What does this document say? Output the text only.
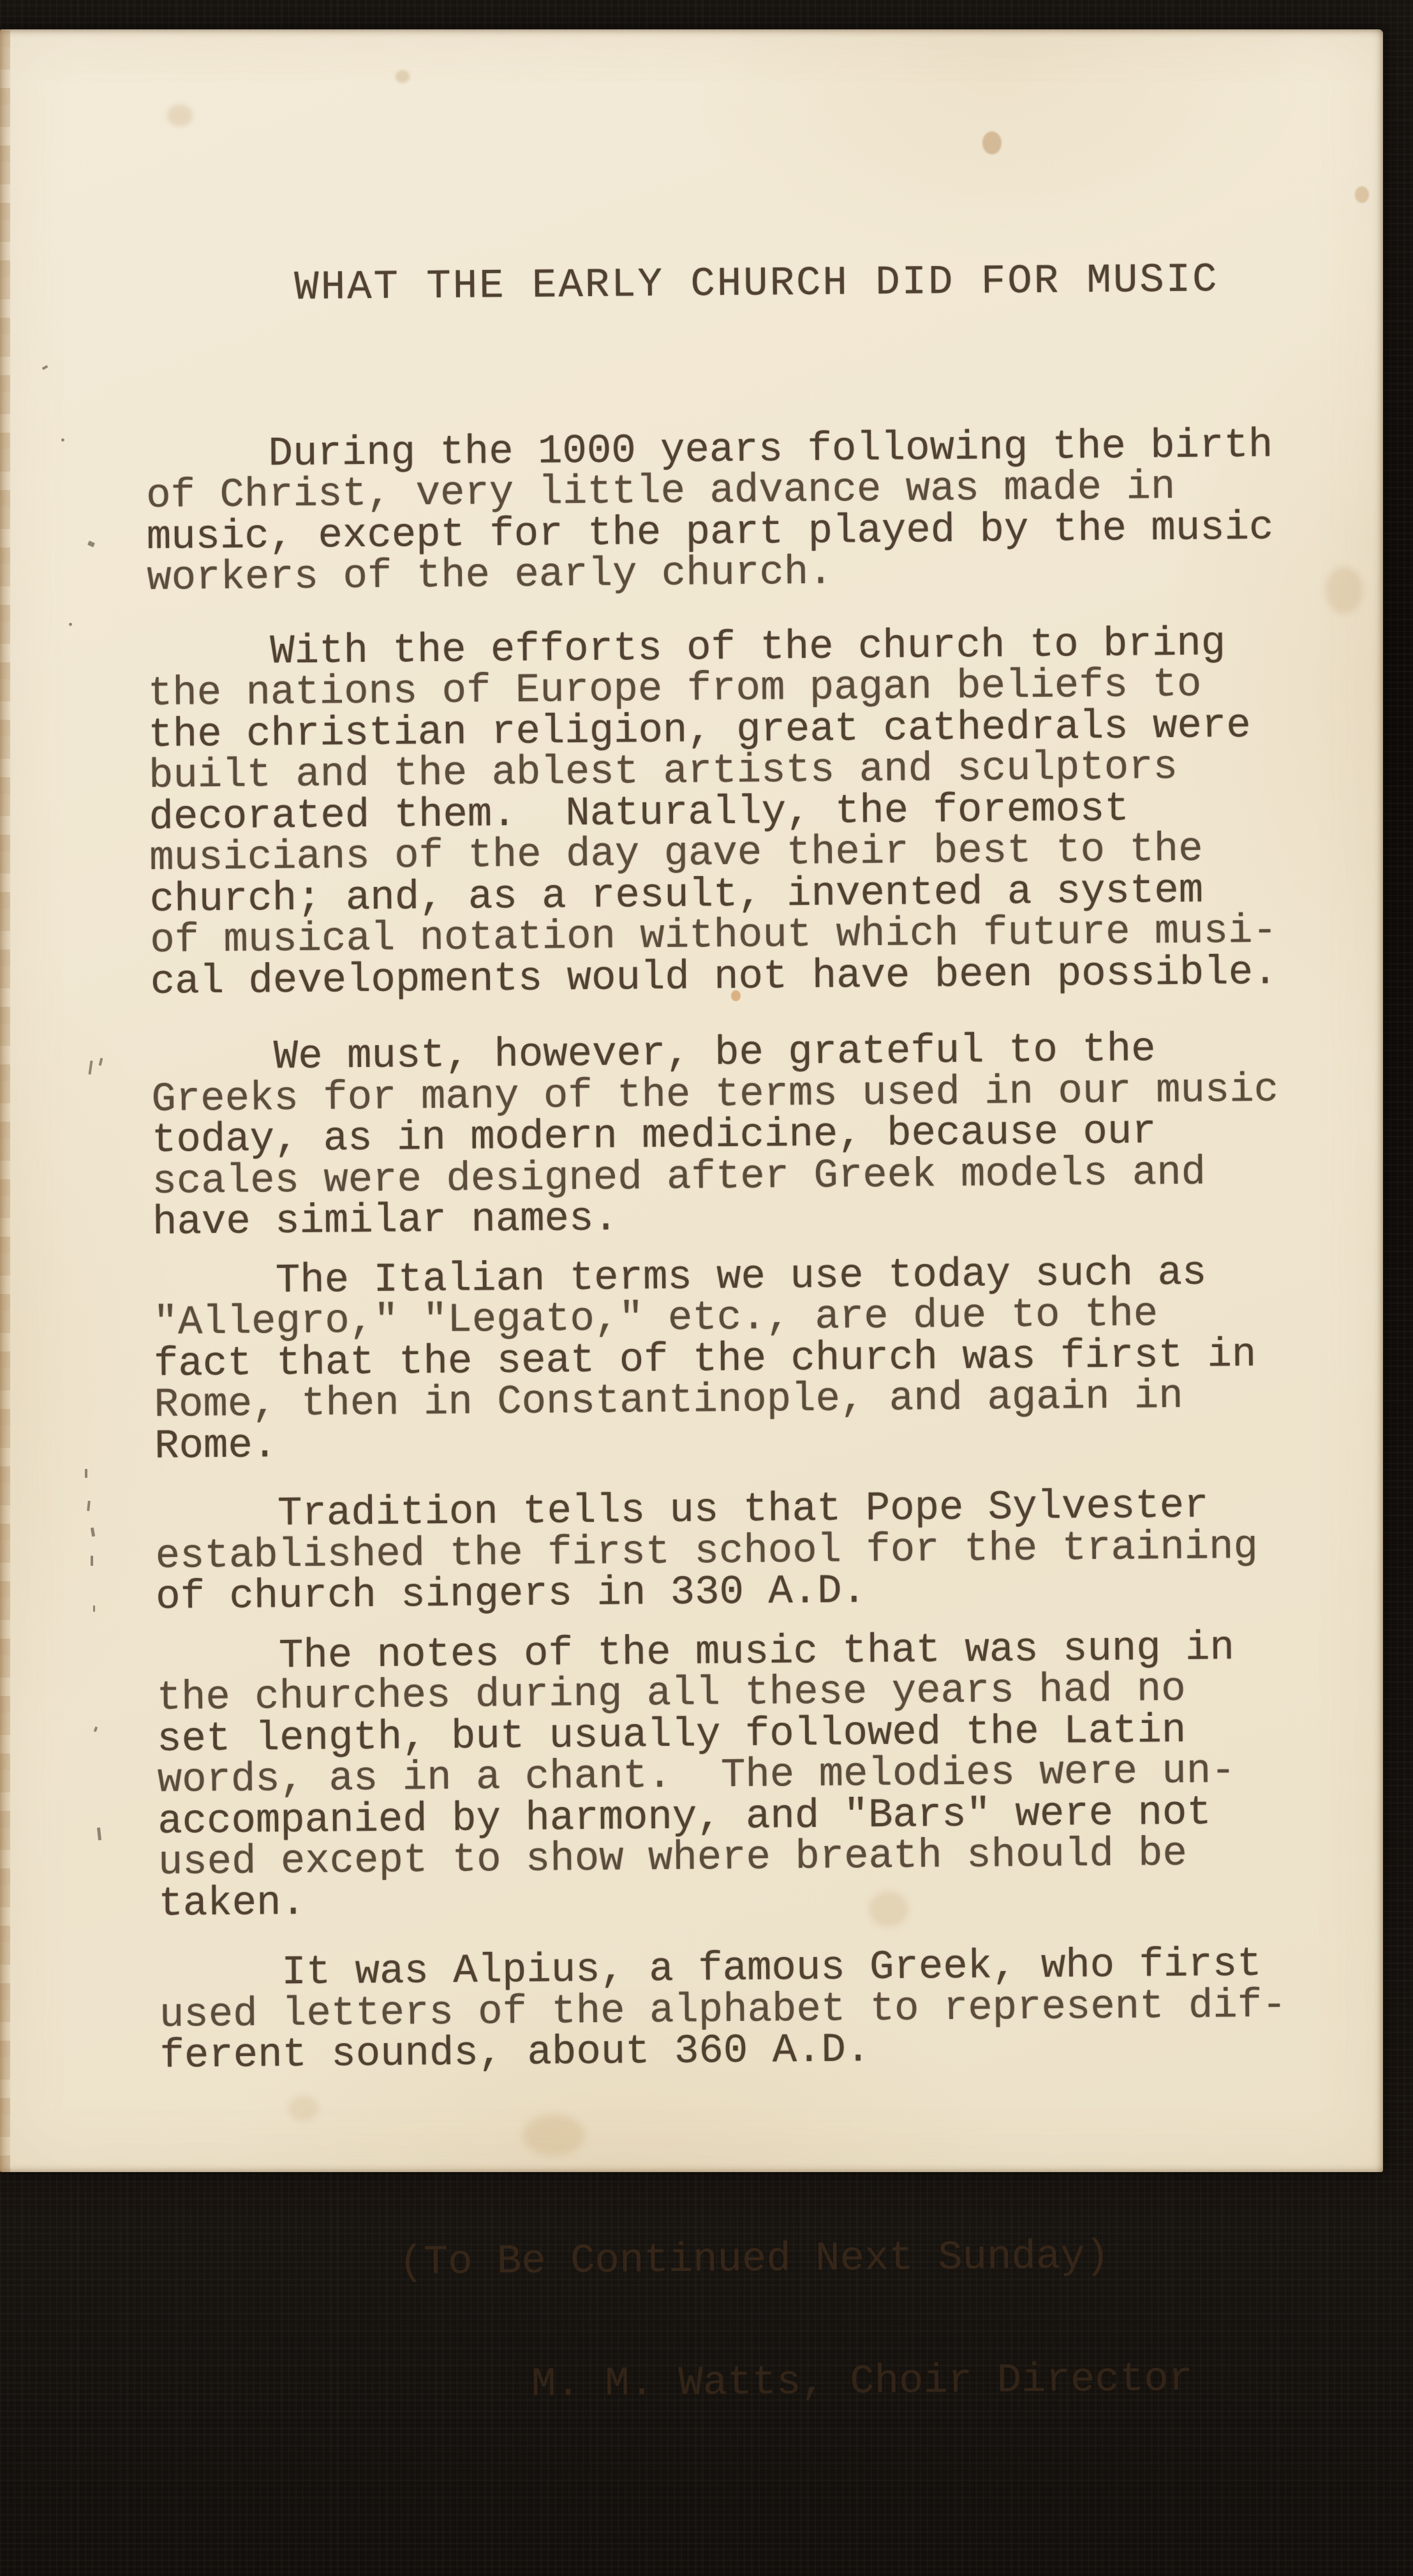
WHAT THE EARLY CHURCH DID FOR MUSIC

During the 1000 years following the birth
of Christ, very little advance was made in
music, except for the part played by the music
workers of the early church.
With the efforts of the church to bring
the nations of Europe from pagan beliefs to
the christian religion, great cathedrals were
built and the ablest artists and sculptors
decorated them.  Naturally, the foremost
musicians of the day gave their best to the
church; and, as a result, invented a system
of musical notation without which future musi-
cal developments would not have been possible.
We must, however, be grateful to the
Greeks for many of the terms used in our music
today, as in modern medicine, because our
scales were designed after Greek models and
have similar names.
The Italian terms we use today such as
"Allegro," "Legato," etc., are due to the
fact that the seat of the church was first in
Rome, then in Constantinople, and again in
Rome.
Tradition tells us that Pope Sylvester
established the first school for the training
of church singers in 330 A.D.
The notes of the music that was sung in
the churches during all these years had no
set length, but usually followed the Latin
words, as in a chant.  The melodies were un-
accompanied by harmony, and "Bars" were not
used except to show where breath should be
taken.
It was Alpius, a famous Greek, who first
used letters of the alphabet to represent dif-
ferent sounds, about 360 A.D.

(To Be Continued Next Sunday)

M. M. Watts, Choir Director
